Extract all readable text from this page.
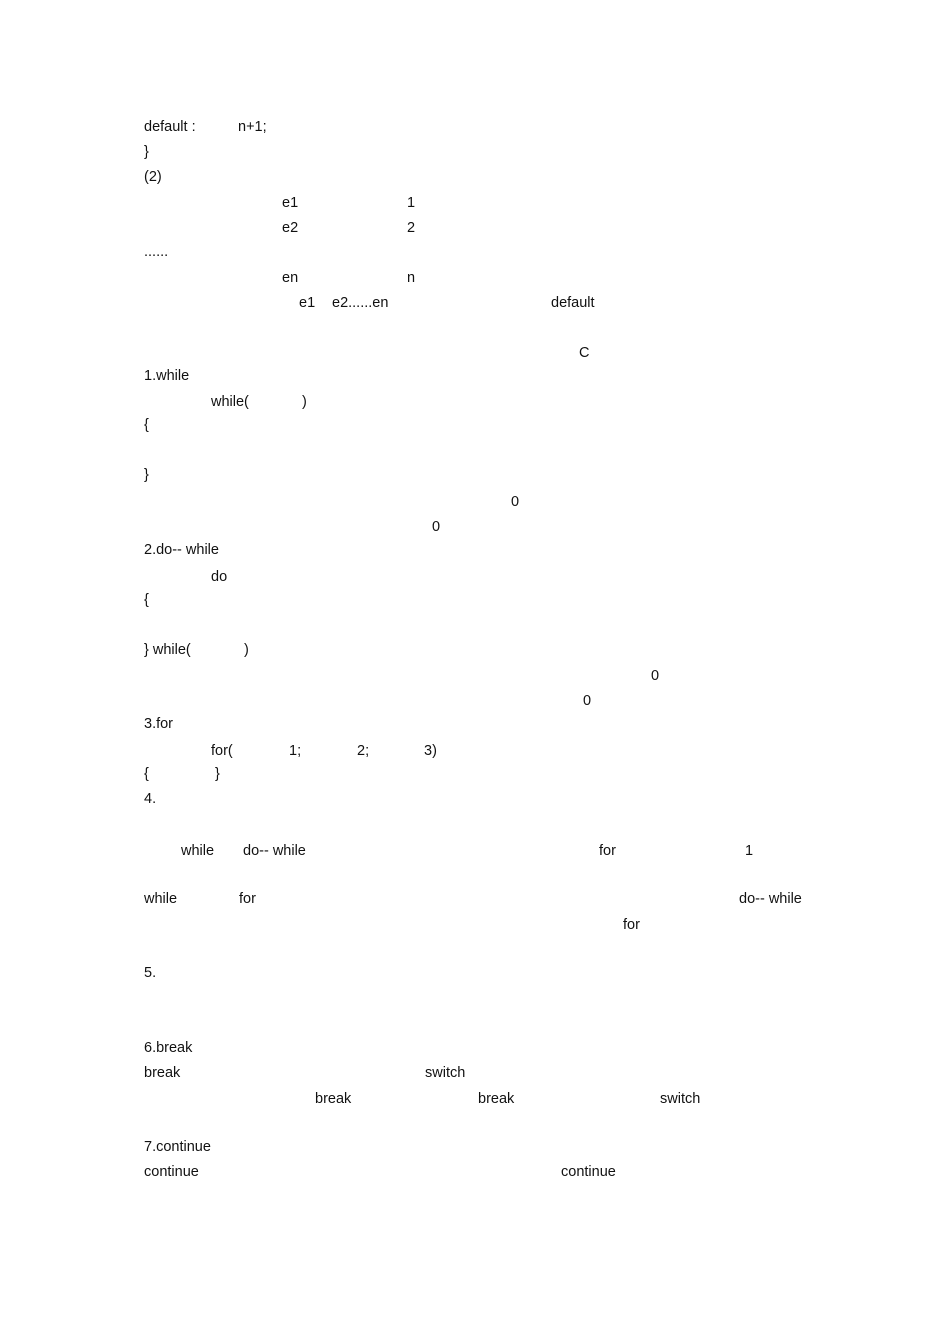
default :	n+1;
}
(2)
e1	1
e2	2
......
en	n
e1 e2......en	default
C
1.while
while(	)
{
}
0
0
2.do-- while
do
{
} while(	)
0
0
3.for
for(	1;	2;	3)
{	}
4.
while do-- while	for	1
while	for	do-- while
for
5.
6.break
break	switch
break	break	switch
7.continue
continue	continue
